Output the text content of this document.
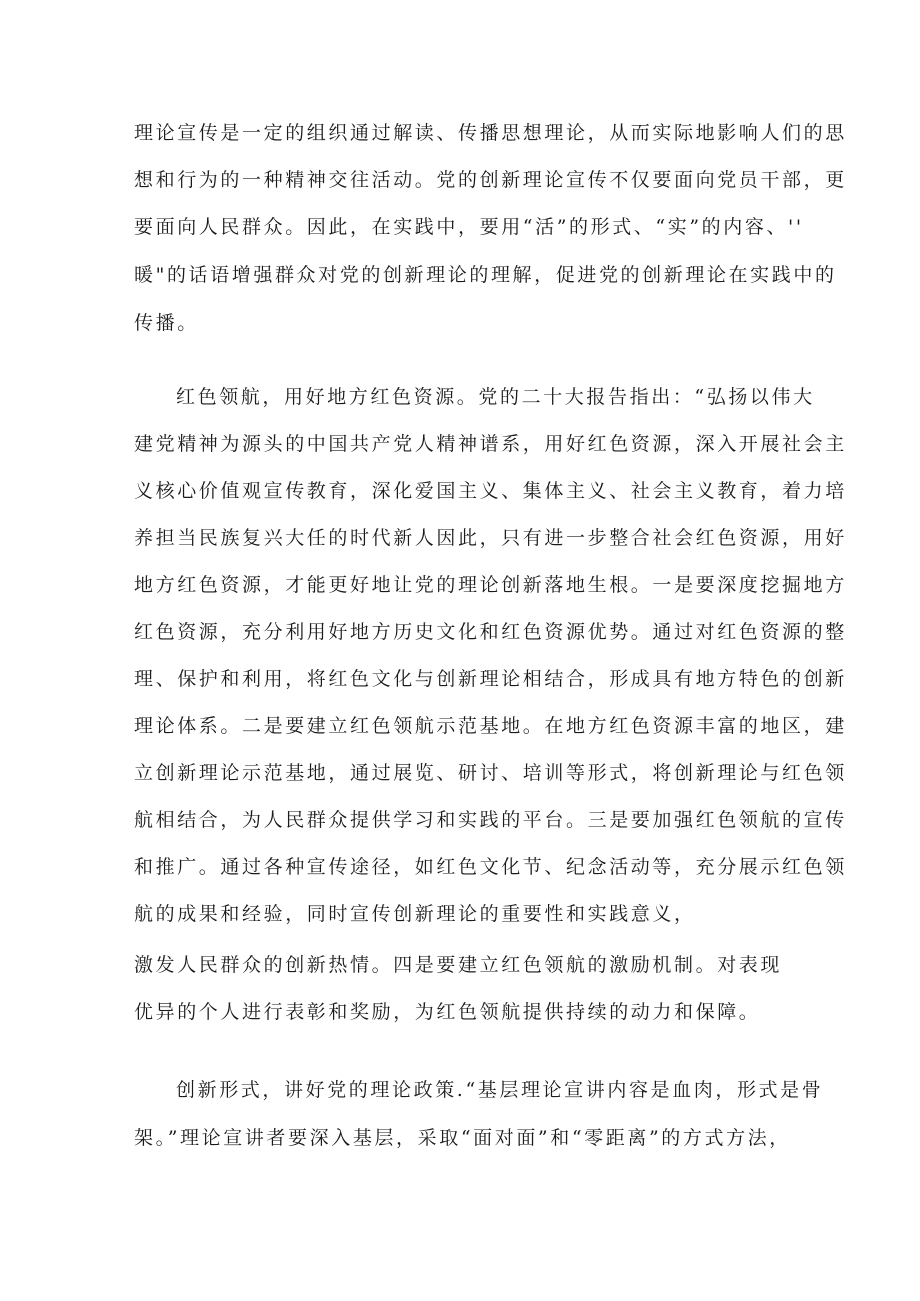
理论宣传是一定的组织通过解读、传播思想理论，从而实际地影响人们的思
想和行为的一种精神交往活动。党的创新理论宣传不仅要面向党员干部，更
要面向人民群众。因此，在实践中，要用“活”的形式、“实”的内容、''
暖"的话语增强群众对党的创新理论的理解，促进党的创新理论在实践中的
传播。
红色领航，用好地方红色资源。党的二十大报告指出：“弘扬以伟大
建党精神为源头的中国共产党人精神谱系，用好红色资源，深入开展社会主
义核心价值观宣传教育，深化爱国主义、集体主义、社会主义教育，着力培
养担当民族复兴大任的时代新人因此，只有进一步整合社会红色资源，用好
地方红色资源，才能更好地让党的理论创新落地生根。一是要深度挖掘地方
红色资源，充分利用好地方历史文化和红色资源优势。通过对红色资源的整
理、保护和利用，将红色文化与创新理论相结合，形成具有地方特色的创新
理论体系。二是要建立红色领航示范基地。在地方红色资源丰富的地区，建
立创新理论示范基地，通过展览、研讨、培训等形式，将创新理论与红色领
航相结合，为人民群众提供学习和实践的平台。三是要加强红色领航的宣传
和推广。通过各种宣传途径，如红色文化节、纪念活动等，充分展示红色领
航的成果和经验，同时宣传创新理论的重要性和实践意义，
激发人民群众的创新热情。四是要建立红色领航的激励机制。对表现
优异的个人进行表彰和奖励，为红色领航提供持续的动力和保障。
创新形式，讲好党的理论政策.“基层理论宣讲内容是血肉，形式是骨
架。”理论宣讲者要深入基层，采取“面对面”和“零距离”的方式方法，
